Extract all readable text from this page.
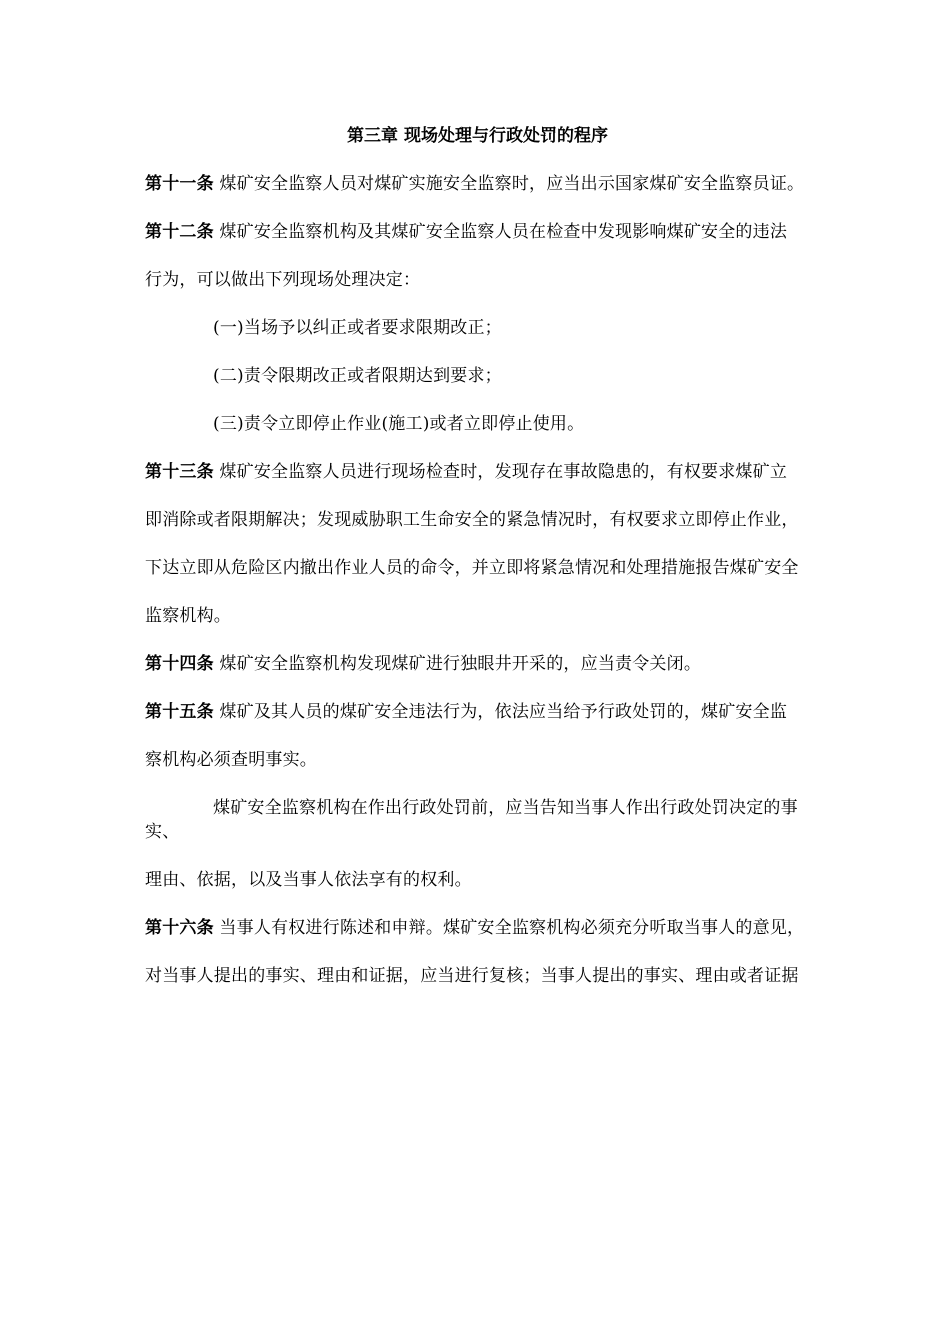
第三章 现场处理与行政处罚的程序

第十一条 煤矿安全监察人员对煤矿实施安全监察时，应当出示国家煤矿安全监察员证。

第十二条 煤矿安全监察机构及其煤矿安全监察人员在检查中发现影响煤矿安全的违法

行为，可以做出下列现场处理决定：

(一)当场予以纠正或者要求限期改正；

(二)责令限期改正或者限期达到要求；

(三)责令立即停止作业(施工)或者立即停止使用。

第十三条 煤矿安全监察人员进行现场检查时，发现存在事故隐患的，有权要求煤矿立

即消除或者限期解决；发现威胁职工生命安全的紧急情况时，有权要求立即停止作业，

下达立即从危险区内撤出作业人员的命令，并立即将紧急情况和处理措施报告煤矿安全

监察机构。

第十四条 煤矿安全监察机构发现煤矿进行独眼井开采的，应当责令关闭。

第十五条 煤矿及其人员的煤矿安全违法行为，依法应当给予行政处罚的，煤矿安全监

察机构必须查明事实。

煤矿安全监察机构在作出行政处罚前，应当告知当事人作出行政处罚决定的事实、

理由、依据，以及当事人依法享有的权利。

第十六条 当事人有权进行陈述和申辩。煤矿安全监察机构必须充分听取当事人的意见，

对当事人提出的事实、理由和证据，应当进行复核；当事人提出的事实、理由或者证据
